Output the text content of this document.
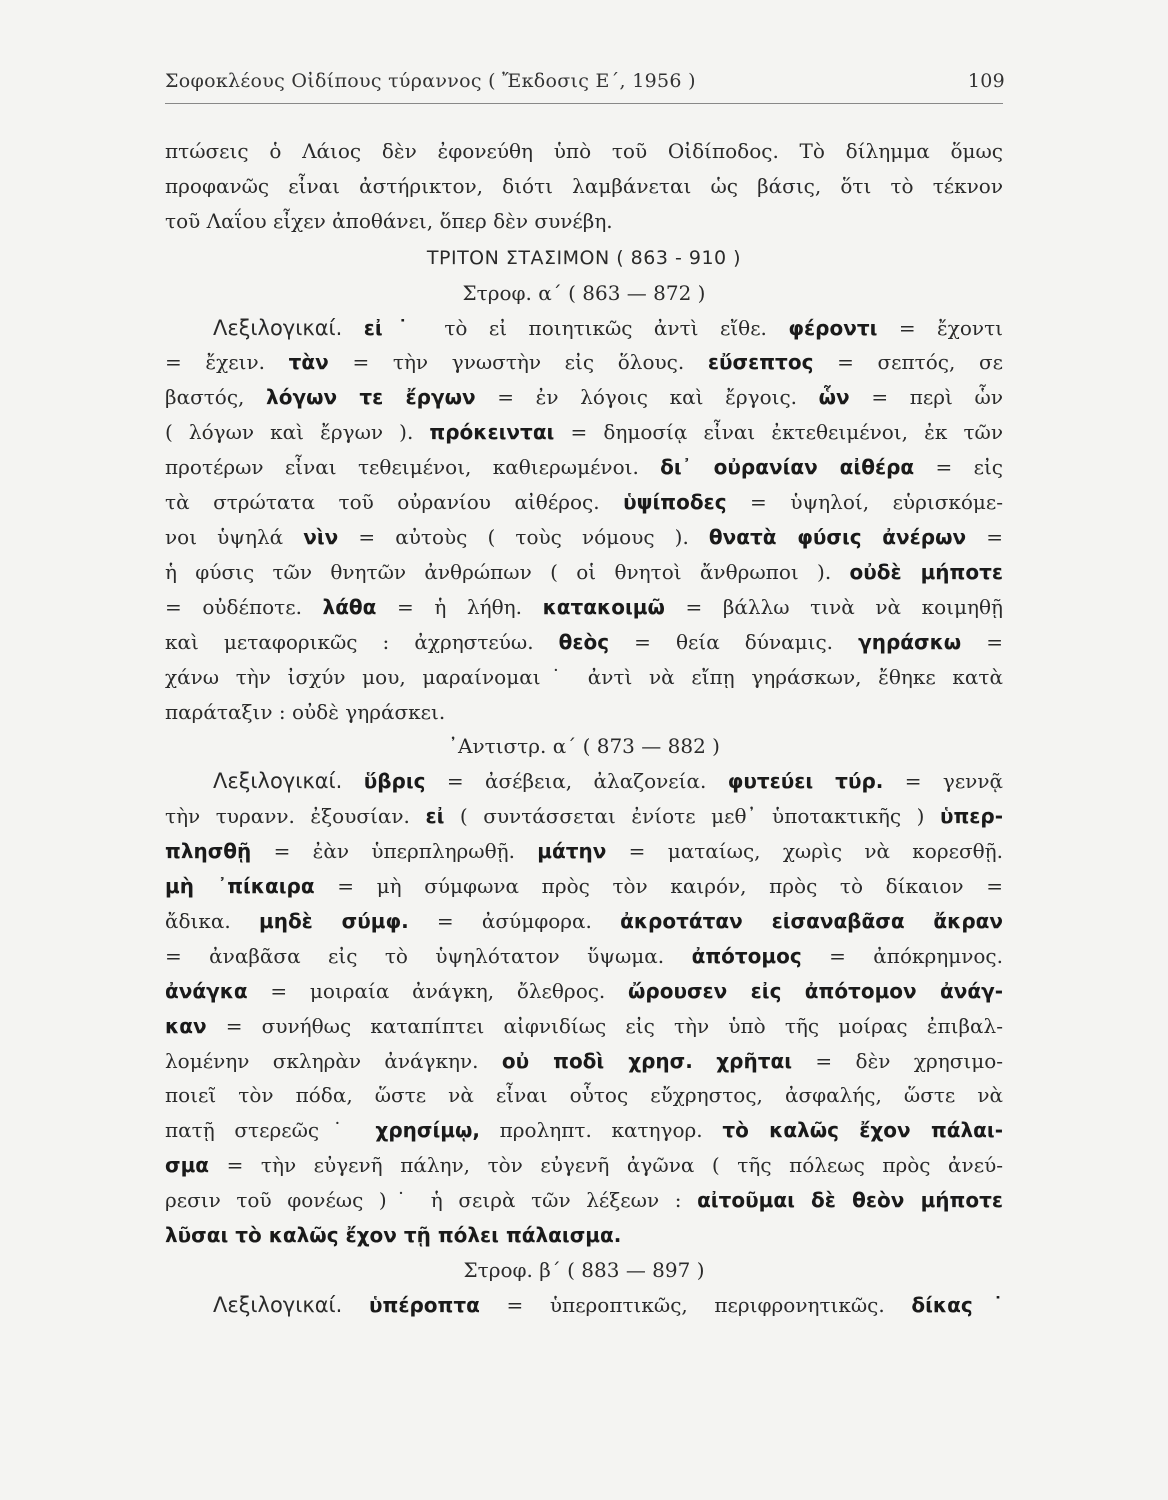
Σοφοκλέους Οἰδίπους τύραννος ( Ἔκδοσις Ε΄, 1956 )	109
πτώσεις ὁ Λάιος δὲν ἐφονεύθη ὑπὸ τοῦ Οἰδίποδος. Τὸ δίλημμα ὅμως
προφανῶς εἶναι ἀστήρικτον, διότι λαμβάνεται ὡς βάσις, ὅτι τὸ τέκνον
τοῦ Λαΐου εἶχεν ἀποθάνει, ὅπερ δὲν συνέβη.
ΤΡΙΤΟΝ ΣΤΑΣΙΜΟΝ ( 863 - 910 )
Στροφ. α΄ ( 863 — 872 )
Λεξιλογικαί. εἰ˙ τὸ εἰ ποιητικῶς ἀντὶ εἴθε. φέροντι = ἔχοντι
= ἔχειν. τὰν = τὴν γνωστὴν εἰς ὅλους. εὔσεπτος = σεπτός, σε
βαστός, λόγων τε ἔργων = ἐν λόγοις καὶ ἔργοις. ὧν = περὶ ὧν
( λόγων καὶ ἔργων ). πρόκεινται = δημοσίᾳ εἶναι ἐκτεθειμένοι, ἐκ τῶν
προτέρων εἶναι τεθειμένοι, καθιερωμένοι. δι᾿ οὐρανίαν αἰθέρα = εἰς
τὰ στρώτατα τοῦ οὐρανίου αἰθέρος. ὑψίποδες = ὑψηλοί, εὑρισκόμε-
νοι ὑψηλά νὶν = αὐτοὺς ( τοὺς νόμους ). θνατὰ φύσις ἀνέρων =
ἡ φύσις τῶν θνητῶν ἀνθρώπων ( οἱ θνητοὶ ἄνθρωποι ). οὐδὲ μήποτε
= οὐδέποτε. λάθα = ἡ λήθη. κατακοιμῶ = βάλλω τινὰ νὰ κοιμηθῇ
καὶ μεταφορικῶς : ἀχρηστεύω. θεὸς = θεία δύναμις. γηράσκω =
χάνω τὴν ἰσχύν μου, μαραίνομαι˙ ἀντὶ νὰ εἴπῃ γηράσκων, ἔθηκε κατὰ
παράταξιν : οὐδὲ γηράσκει.
᾿Αντιστρ. α΄ ( 873 — 882 )
Λεξιλογικαί. ὕβρις = ἀσέβεια, ἀλαζονεία. φυτεύει τύρ. = γεννᾷ
τὴν τυρανν. ἐξουσίαν. εἰ ( συντάσσεται ἐνίοτε μεθ᾿ ὑποτακτικῆς ) ὑπερ-
πλησθῇ = ἐὰν ὑπερπληρωθῇ. μάτην = ματαίως, χωρὶς νὰ κορεσθῇ.
μὴ ᾿πίκαιρα = μὴ σύμφωνα πρὸς τὸν καιρόν, πρὸς τὸ δίκαιον =
ἄδικα. μηδὲ σύμφ. = ἀσύμφορα. ἀκροτάταν εἰσαναβᾶσα ἄκραν
= ἀναβᾶσα εἰς τὸ ὑψηλότατον ὕψωμα. ἀπότομος = ἀπόκρημνος.
ἀνάγκα = μοιραία ἀνάγκη, ὄλεθρος. ὤρουσεν εἰς ἀπότομον ἀνάγ-
καν = συνήθως καταπίπτει αἰφνιδίως εἰς τὴν ὑπὸ τῆς μοίρας ἐπιβαλ-
λομένην σκληρὰν ἀνάγκην. οὐ ποδὶ χρησ. χρῆται = δὲν χρησιμο-
ποιεῖ τὸν πόδα, ὥστε νὰ εἶναι οὗτος εὔχρηστος, ἀσφαλής, ὥστε νὰ
πατῇ στερεῶς˙ χρησίμῳ, προληπτ. κατηγορ. τὸ καλῶς ἔχον πάλαι-
σμα = τὴν εὐγενῆ πάλην, τὸν εὐγενῆ ἀγῶνα ( τῆς πόλεως πρὸς ἀνεύ-
ρεσιν τοῦ φονέως )˙ ἡ σειρὰ τῶν λέξεων : αἰτοῦμαι δὲ θεὸν μήποτε
λῦσαι τὸ καλῶς ἔχον τῇ πόλει πάλαισμα.
Στροφ. β΄ ( 883 — 897 )
Λεξιλογικαί. ὑπέροπτα = ὑπεροπτικῶς, περιφρονητικῶς. δίκας˙
